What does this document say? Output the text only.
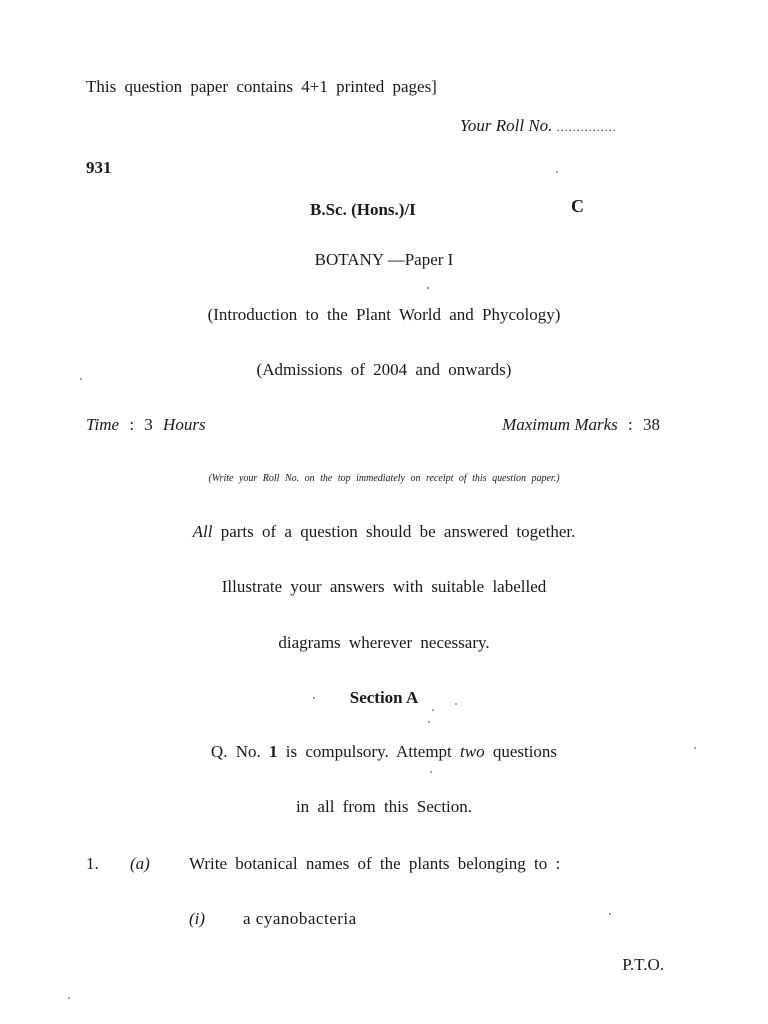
This question paper contains 4+1 printed pages]
Your Roll No. ...............
931
B.Sc. (Hons.)/I	C
BOTANY —Paper I
(Introduction to the Plant World and Phycology)
(Admissions of 2004 and onwards)
Time : 3 Hours	Maximum Marks : 38
(Write your Roll No. on the top immediately on receipt of this question paper.)
All parts of a question should be answered together.
Illustrate your answers with suitable labelled
diagrams wherever necessary.
Section A
Q. No. 1 is compulsory. Attempt two questions
in all from this Section.
1. (a) Write botanical names of the plants belonging to :
(i) a cyanobacteria
P.T.O.
